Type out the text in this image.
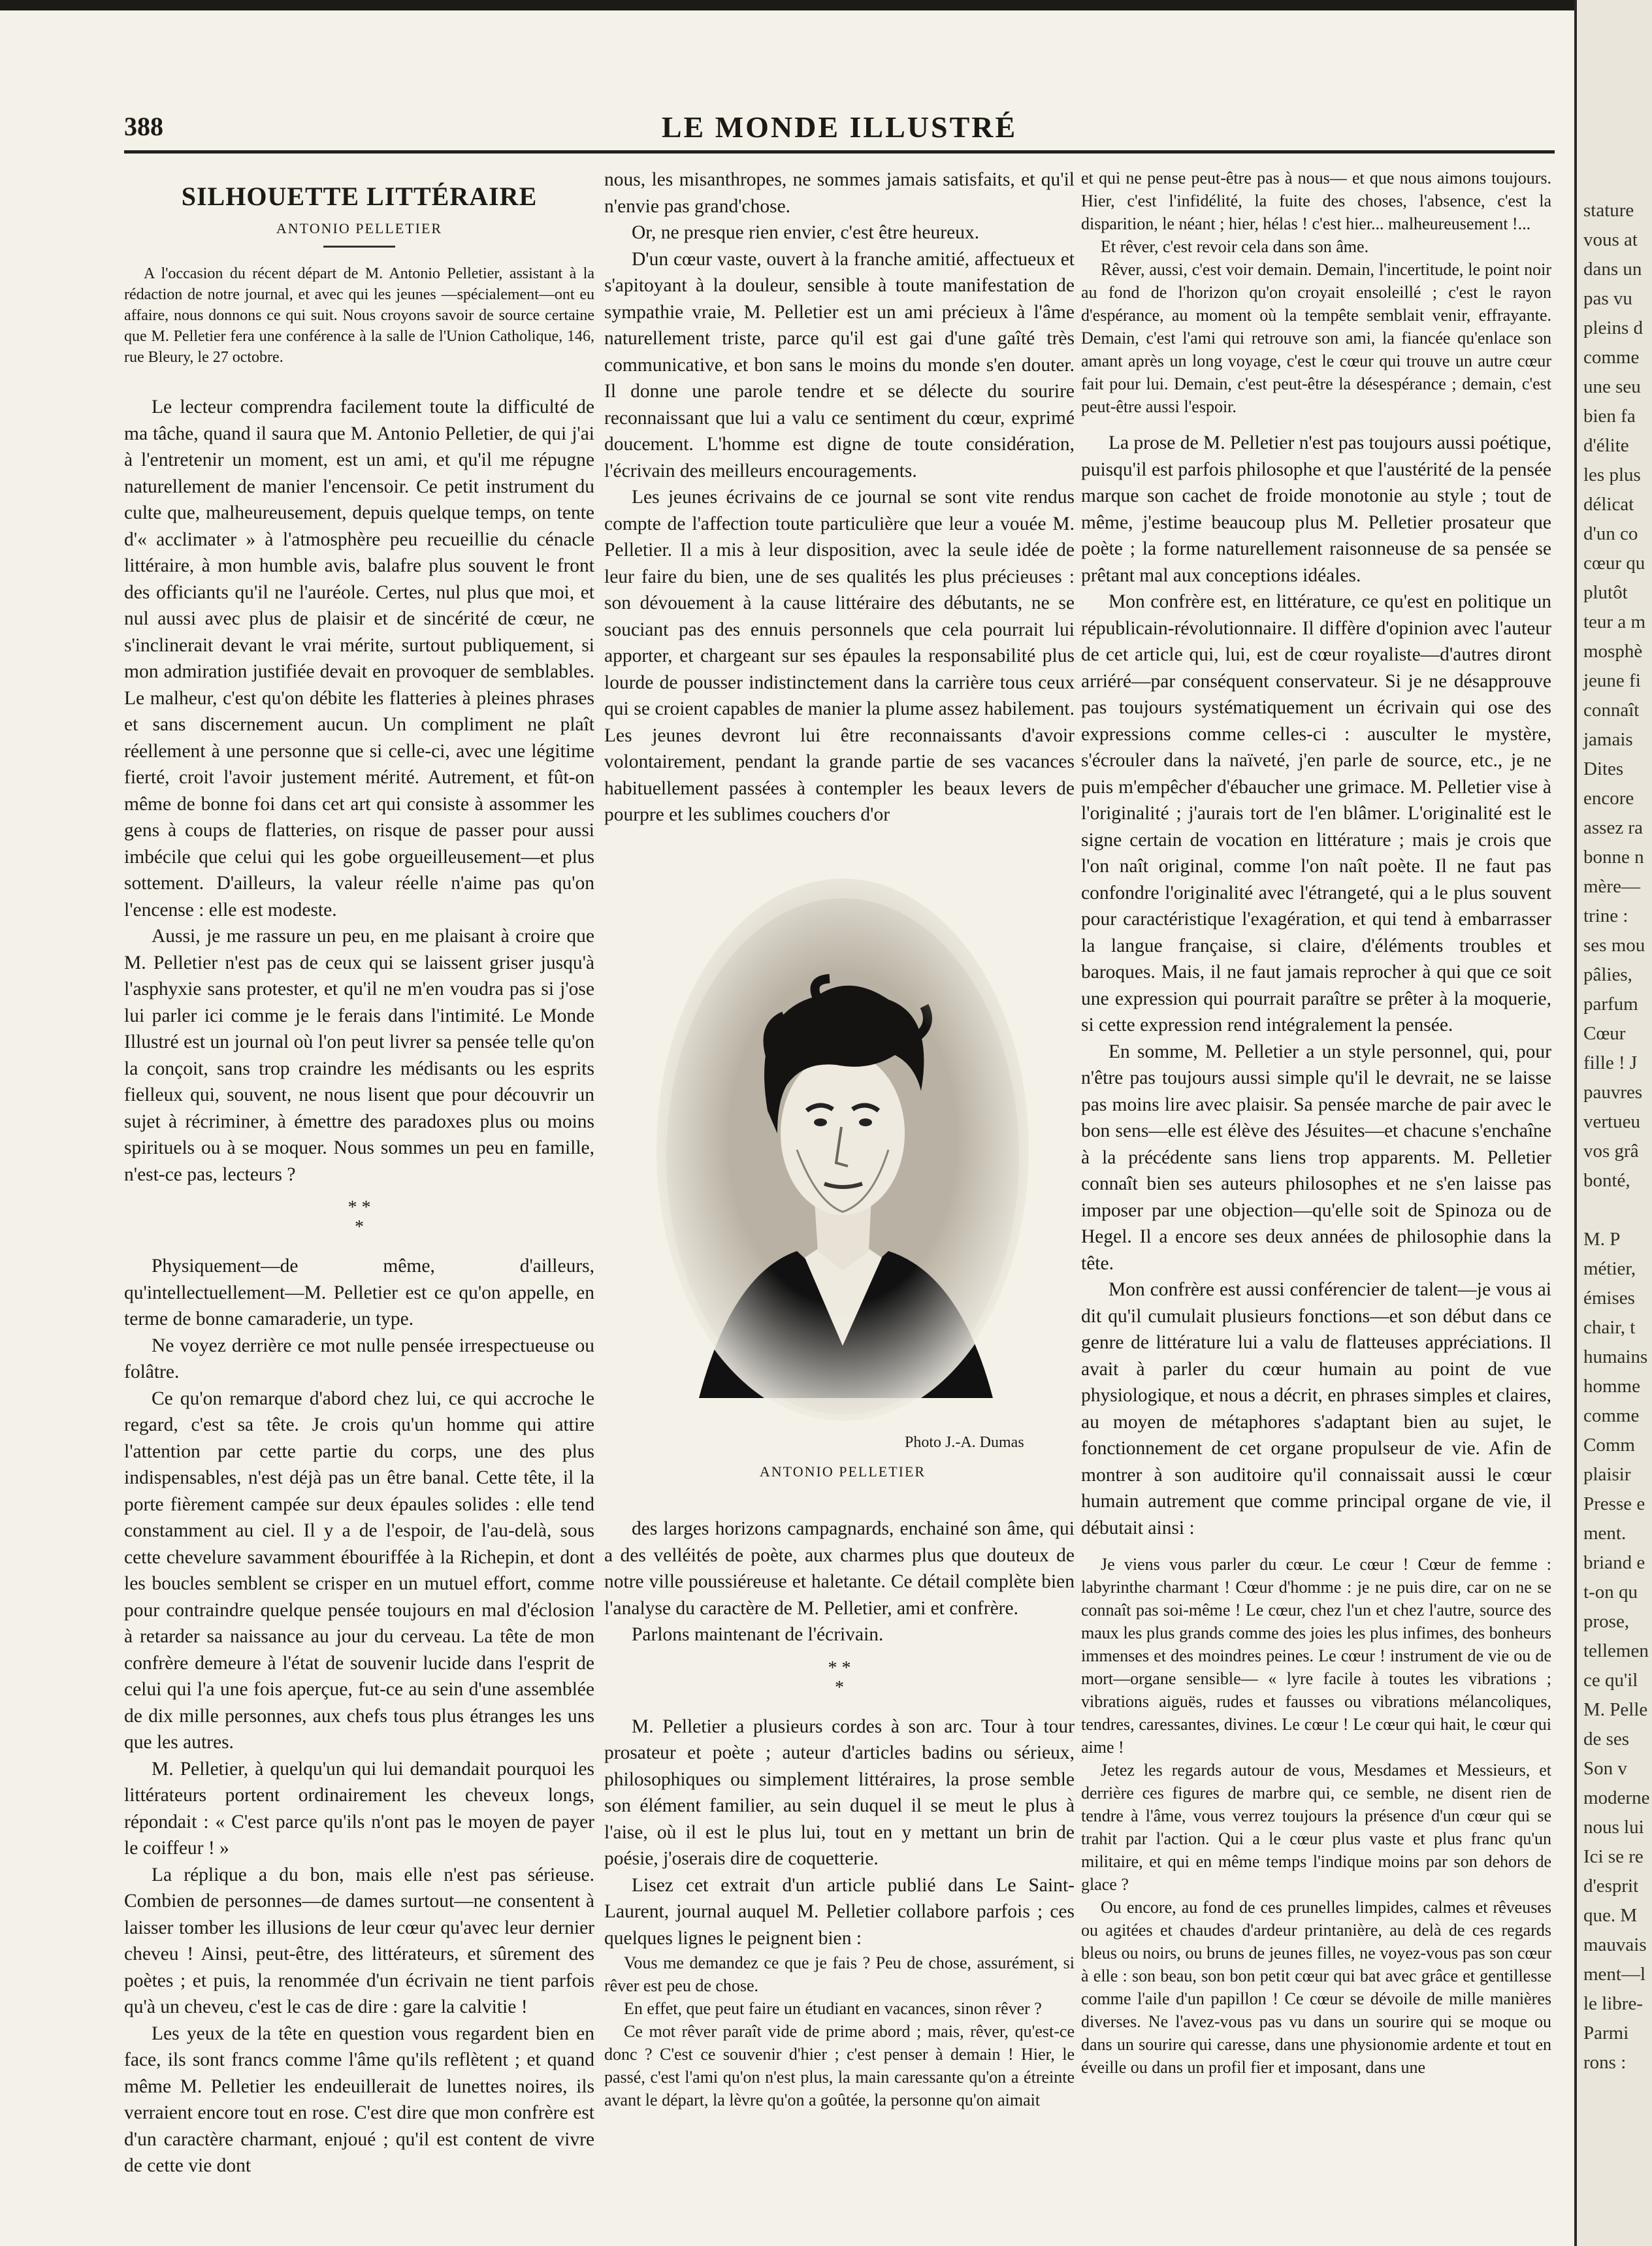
388	LE MONDE ILLUSTRÉ
SILHOUETTE LITTÉRAIRE
ANTONIO PELLETIER

A l'occasion du récent départ de M. Antonio Pelletier, assistant à la rédaction de notre journal, et avec qui les jeunes —spécialement—ont eu affaire, nous donnons ce qui suit. Nous croyons savoir de source certaine que M. Pelletier fera une conférence à la salle de l'Union Catholique, 146, rue Bleury, le 27 octobre.

Le lecteur comprendra facilement toute la difficulté de ma tâche, quand il saura que M. Antonio Pelletier, de qui j'ai à l'entretenir un moment, est un ami, et qu'il me répugne naturellement de manier l'encensoir. Ce petit instrument du culte que, malheureusement, depuis quelque temps, on tente d'« acclimater » à l'atmosphère peu recueillie du cénacle littéraire, à mon humble avis, balafre plus souvent le front des officiants qu'il ne l'auréole. Certes, nul plus que moi, et nul aussi avec plus de plaisir et de sincérité de cœur, ne s'inclinerait devant le vrai mérite, surtout publiquement, si mon admiration justifiée devait en provoquer de semblables. Le malheur, c'est qu'on débite les flatteries à pleines phrases et sans discernement aucun. Un compliment ne plaît réellement à une personne que si celle-ci, avec une légitime fierté, croit l'avoir justement mérité. Autrement, et fût-on même de bonne foi dans cet art qui consiste à assommer les gens à coups de flatteries, on risque de passer pour aussi imbécile que celui qui les gobe orgueilleusement—et plus sottement. D'ailleurs, la valeur réelle n'aime pas qu'on l'encense : elle est modeste.

Aussi, je me rassure un peu, en me plaisant à croire que M. Pelletier n'est pas de ceux qui se laissent griser jusqu'à l'asphyxie sans protester, et qu'il ne m'en voudra pas si j'ose lui parler ici comme je le ferais dans l'intimité. Le Monde Illustré est un journal où l'on peut livrer sa pensée telle qu'on la conçoit, sans trop craindre les médisants ou les esprits fielleux qui, souvent, ne nous lisent que pour découvrir un sujet à récriminer, à émettre des paradoxes plus ou moins spirituels ou à se moquer. Nous sommes un peu en famille, n'est-ce pas, lecteurs ?

* *
*

Physiquement—de même, d'ailleurs, qu'intellectuellement—M. Pelletier est ce qu'on appelle, en terme de bonne camaraderie, un type.

Ne voyez derrière ce mot nulle pensée irrespectueuse ou folâtre.

Ce qu'on remarque d'abord chez lui, ce qui accroche le regard, c'est sa tête. Je crois qu'un homme qui attire l'attention par cette partie du corps, une des plus indispensables, n'est déjà pas un être banal. Cette tête, il la porte fièrement campée sur deux épaules solides : elle tend constamment au ciel. Il y a de l'espoir, de l'au-delà, sous cette chevelure savamment ébouriffée à la Richepin, et dont les boucles semblent se crisper en un mutuel effort, comme pour contraindre quelque pensée toujours en mal d'éclosion à retarder sa naissance au jour du cerveau. La tête de mon confrère demeure à l'état de souvenir lucide dans l'esprit de celui qui l'a une fois aperçue, fut-ce au sein d'une assemblée de dix mille personnes, aux chefs tous plus étranges les uns que les autres.

M. Pelletier, à quelqu'un qui lui demandait pourquoi les littérateurs portent ordinairement les cheveux longs, répondait : « C'est parce qu'ils n'ont pas le moyen de payer le coiffeur ! »

La réplique a du bon, mais elle n'est pas sérieuse. Combien de personnes—de dames surtout—ne consentent à laisser tomber les illusions de leur cœur qu'avec leur dernier cheveu ! Ainsi, peut-être, des littérateurs, et sûrement des poètes ; et puis, la renommée d'un écrivain ne tient parfois qu'à un cheveu, c'est le cas de dire : gare la calvitie !

Les yeux de la tête en question vous regardent bien en face, ils sont francs comme l'âme qu'ils reflètent ; et quand même M. Pelletier les endeuillerait de lunettes noires, ils verraient encore tout en rose. C'est dire que mon confrère est d'un caractère charmant, enjoué ; qu'il est content de vivre de cette vie dont

nous, les misanthropes, ne sommes jamais satisfaits, et qu'il n'envie pas grand'chose.

Or, ne presque rien envier, c'est être heureux.

D'un cœur vaste, ouvert à la franche amitié, affectueux et s'apitoyant à la douleur, sensible à toute manifestation de sympathie vraie, M. Pelletier est un ami précieux à l'âme naturellement triste, parce qu'il est gai d'une gaîté très communicative, et bon sans le moins du monde s'en douter. Il donne une parole tendre et se délecte du sourire reconnaissant que lui a valu ce sentiment du cœur, exprimé doucement. L'homme est digne de toute considération, l'écrivain des meilleurs encouragements.

Les jeunes écrivains de ce journal se sont vite rendus compte de l'affection toute particulière que leur a vouée M. Pelletier. Il a mis à leur disposition, avec la seule idée de leur faire du bien, une de ses qualités les plus précieuses : son dévouement à la cause littéraire des débutants, ne se souciant pas des ennuis personnels que cela pourrait lui apporter, et chargeant sur ses épaules la responsabilité plus lourde de pousser indistinctement dans la carrière tous ceux qui se croient capables de manier la plume assez habilement. Les jeunes devront lui être reconnaissants d'avoir volontairement, pendant la grande partie de ses vacances habituellement passées à contempler les beaux levers de pourpre et les sublimes couchers d'or

Photo J.-A. Dumas
ANTONIO PELLETIER

des larges horizons campagnards, enchainé son âme, qui a des velléités de poète, aux charmes plus que douteux de notre ville poussiéreuse et haletante. Ce détail complète bien l'analyse du caractère de M. Pelletier, ami et confrère.

Parlons maintenant de l'écrivain.

* *
*

M. Pelletier a plusieurs cordes à son arc. Tour à tour prosateur et poète ; auteur d'articles badins ou sérieux, philosophiques ou simplement littéraires, la prose semble son élément familier, au sein duquel il se meut le plus à l'aise, où il est le plus lui, tout en y mettant un brin de poésie, j'oserais dire de coquetterie.

Lisez cet extrait d'un article publié dans Le Saint-Laurent, journal auquel M. Pelletier collabore parfois ; ces quelques lignes le peignent bien :

Vous me demandez ce que je fais ? Peu de chose, assurément, si rêver est peu de chose.

En effet, que peut faire un étudiant en vacances, sinon rêver ?

Ce mot rêver paraît vide de prime abord ; mais, rêver, qu'est-ce donc ? C'est ce souvenir d'hier ; c'est penser à demain ! Hier, le passé, c'est l'ami qu'on n'est plus, la main caressante qu'on a étreinte avant le départ, la lèvre qu'on a goûtée, la personne qu'on aimait

et qui ne pense peut-être pas à nous— et que nous aimons toujours. Hier, c'est l'infidélité, la fuite des choses, l'absence, c'est la disparition, le néant ; hier, hélas ! c'est hier... malheureusement !...

Et rêver, c'est revoir cela dans son âme.

Rêver, aussi, c'est voir demain. Demain, l'incertitude, le point noir au fond de l'horizon qu'on croyait ensoleillé ; c'est le rayon d'espérance, au moment où la tempête semblait venir, effrayante. Demain, c'est l'ami qui retrouve son ami, la fiancée qu'enlace son amant après un long voyage, c'est le cœur qui trouve un autre cœur fait pour lui. Demain, c'est peut-être la désespérance ; demain, c'est peut-être aussi l'espoir.

La prose de M. Pelletier n'est pas toujours aussi poétique, puisqu'il est parfois philosophe et que l'austérité de la pensée marque son cachet de froide monotonie au style ; tout de même, j'estime beaucoup plus M. Pelletier prosateur que poète ; la forme naturellement raisonneuse de sa pensée se prêtant mal aux conceptions idéales.

Mon confrère est, en littérature, ce qu'est en politique un républicain-révolutionnaire. Il diffère d'opinion avec l'auteur de cet article qui, lui, est de cœur royaliste—d'autres diront arriéré—par conséquent conservateur. Si je ne désapprouve pas toujours systématiquement un écrivain qui ose des expressions comme celles-ci : ausculter le mystère, s'écrouler dans la naïveté, j'en parle de source, etc., je ne puis m'empêcher d'ébaucher une grimace. M. Pelletier vise à l'originalité ; j'aurais tort de l'en blâmer. L'originalité est le signe certain de vocation en littérature ; mais je crois que l'on naît original, comme l'on naît poète. Il ne faut pas confondre l'originalité avec l'étrangeté, qui a le plus souvent pour caractéristique l'exagération, et qui tend à embarrasser la langue française, si claire, d'éléments troubles et baroques. Mais, il ne faut jamais reprocher à qui que ce soit une expression qui pourrait paraître se prêter à la moquerie, si cette expression rend intégralement la pensée.

En somme, M. Pelletier a un style personnel, qui, pour n'être pas toujours aussi simple qu'il le devrait, ne se laisse pas moins lire avec plaisir. Sa pensée marche de pair avec le bon sens—elle est élève des Jésuites—et chacune s'enchaîne à la précédente sans liens trop apparents. M. Pelletier connaît bien ses auteurs philosophes et ne s'en laisse pas imposer par une objection—qu'elle soit de Spinoza ou de Hegel. Il a encore ses deux années de philosophie dans la tête.

Mon confrère est aussi conférencier de talent—je vous ai dit qu'il cumulait plusieurs fonctions—et son début dans ce genre de littérature lui a valu de flatteuses appréciations. Il avait à parler du cœur humain au point de vue physiologique, et nous a décrit, en phrases simples et claires, au moyen de métaphores s'adaptant bien au sujet, le fonctionnement de cet organe propulseur de vie. Afin de montrer à son auditoire qu'il connaissait aussi le cœur humain autrement que comme principal organe de vie, il débutait ainsi :

Je viens vous parler du cœur. Le cœur ! Cœur de femme : labyrinthe charmant ! Cœur d'homme : je ne puis dire, car on ne se connaît pas soi-même ! Le cœur, chez l'un et chez l'autre, source des maux les plus grands comme des joies les plus infimes, des bonheurs immenses et des moindres peines. Le cœur ! instrument de vie ou de mort—organe sensible— « lyre facile à toutes les vibrations ; vibrations aiguës, rudes et fausses ou vibrations mélancoliques, tendres, caressantes, divines. Le cœur ! Le cœur qui hait, le cœur qui aime !

Jetez les regards autour de vous, Mesdames et Messieurs, et derrière ces figures de marbre qui, ce semble, ne disent rien de tendre à l'âme, vous verrez toujours la présence d'un cœur qui se trahit par l'action. Qui a le cœur plus vaste et plus franc qu'un militaire, et qui en même temps l'indique moins par son dehors de glace ?

Ou encore, au fond de ces prunelles limpides, calmes et rêveuses ou agitées et chaudes d'ardeur printanière, au delà de ces regards bleus ou noirs, ou bruns de jeunes filles, ne voyez-vous pas son cœur à elle : son beau, son bon petit cœur qui bat avec grâce et gentillesse comme l'aile d'un papillon ! Ce cœur se dévoile de mille manières diverses. Ne l'avez-vous pas vu dans un sourire qui se moque ou dans un sourire qui caresse, dans une physionomie ardente et tout en éveille ou dans un profil fier et imposant, dans une

stature
vous at
dans un
pas vu
pleins d
comme
une seu
bien fa
d'élite
les plus
délicat
d'un co
cœur qu
plutôt
teur a m
mosphè
jeune fi
connaît
jamais
Dites
encore
assez ra
bonne n
mère—
trine :
ses mou
pâlies,
parfum
Cœur
fille ! J
pauvres
vertueu
vos grâ
bonté,

M. P
métier,
émises
chair, t
humains
homme
comme
Comm
plaisir
Presse e
ment.
briand e
t-on qu
prose,
tellemen
ce qu'il
M. Pelle
de ses
Son v
moderne
nous lui
Ici se re
d'esprit
que. M
mauvais
ment—l
le libre-
Parmi
rons :
